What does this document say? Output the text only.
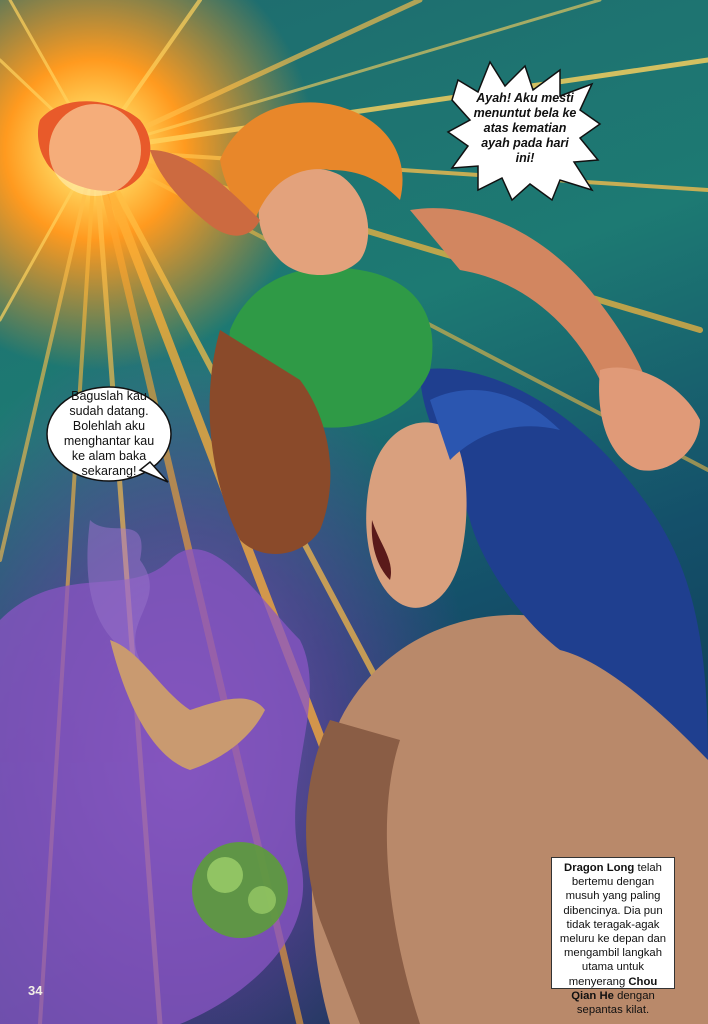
Baguslah kau sudah datang. Bolehlah aku menghantar kau ke alam baka sekarang!
Ayah! Aku mesti menuntut bela ke atas kematian ayah pada hari ini!
Dragon Long telah bertemu dengan musuh yang paling dibencinya. Dia pun tidak teragak-agak meluru ke depan dan mengambil langkah utama untuk menyerang Chou Qian He dengan sepantas kilat.
34
